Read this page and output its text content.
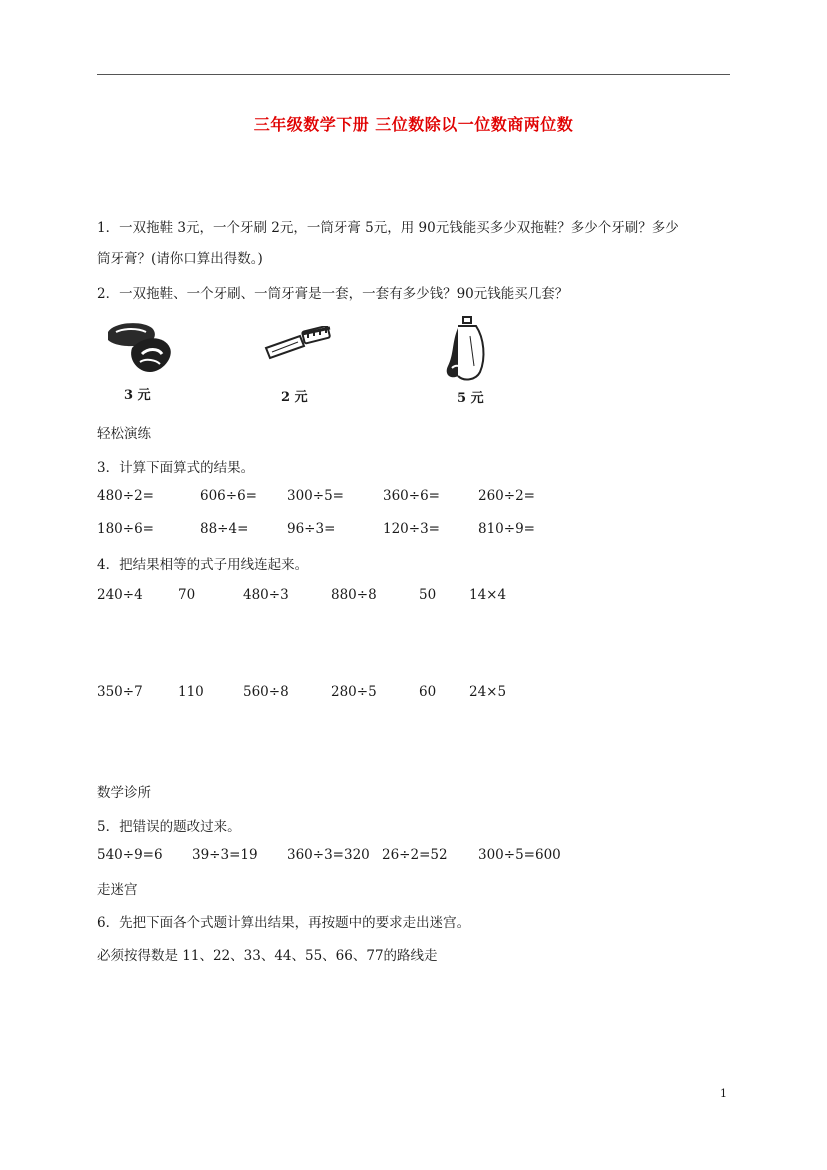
三年级数学下册 三位数除以一位数商两位数
1．一双拖鞋 3元，一个牙刷 2元，一筒牙膏 5元，用 90元钱能买多少双拖鞋？多少个牙刷？多少
筒牙膏？(请你口算出得数。)
2．一双拖鞋、一个牙刷、一筒牙膏是一套，一套有多少钱？90元钱能买几套？
3 元	2 元	5 元
轻松演练
3．计算下面算式的结果。
480÷2=	606÷6= 300÷5=	360÷6=	260÷2=
180÷6=	88÷4=	96÷3=	120÷3=	810÷9=
4．把结果相等的式子用线连起来。
240÷4	70	480÷3	880÷8	50 14×4
350÷7	110	560÷8	280÷5	60 24×5
数学诊所
5．把错误的题改过来。
540÷9=6 39÷3=19 360÷3=320 26÷2=52 300÷5=600
走迷宫
6．先把下面各个式题计算出结果，再按题中的要求走出迷宫。
必须按得数是 11、22、33、44、55、66、77的路线走
1
